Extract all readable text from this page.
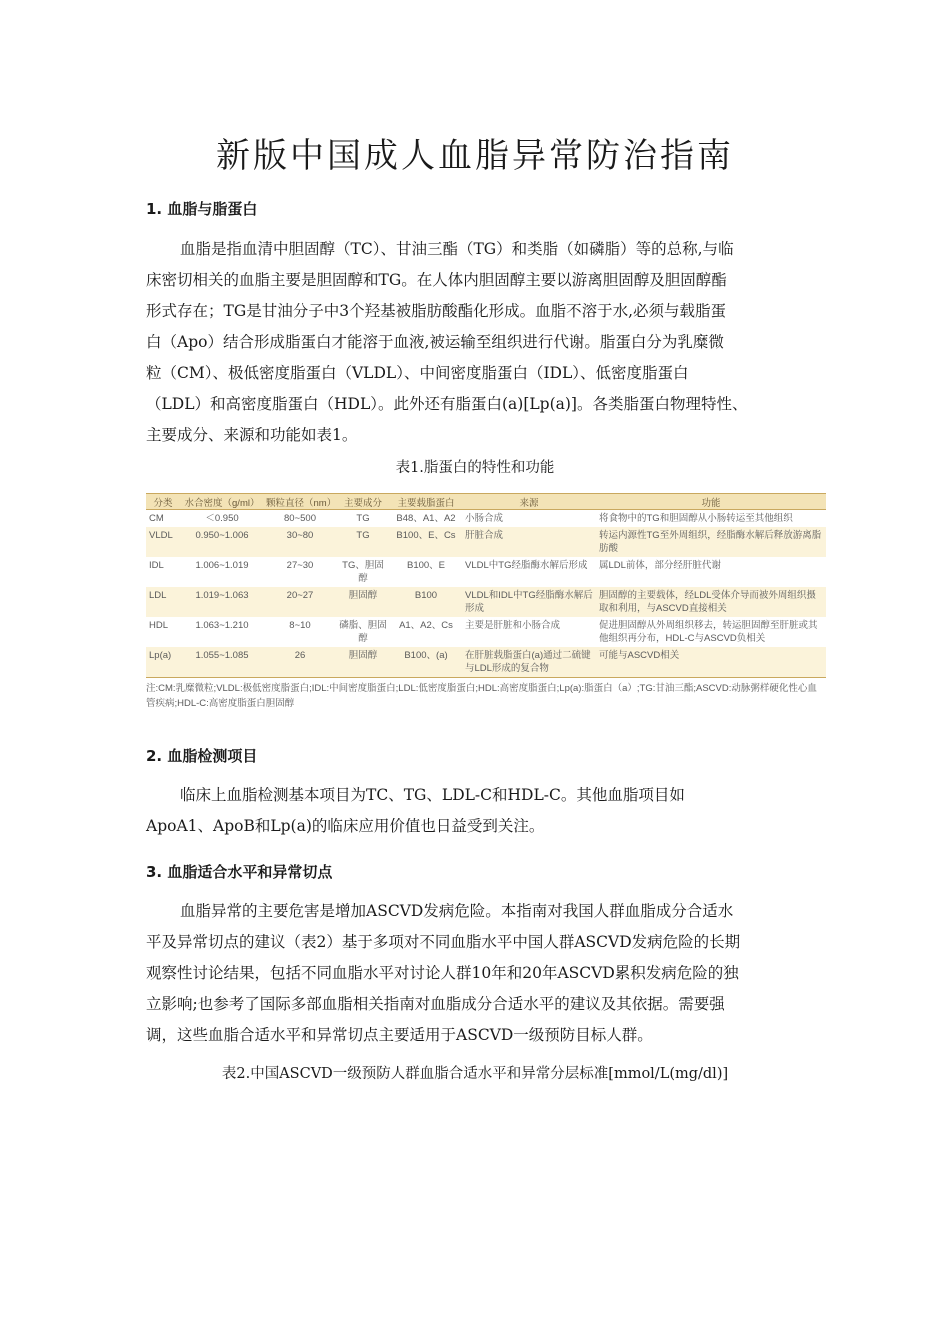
新版中国成人血脂异常防治指南
1. 血脂与脂蛋白
血脂是指血清中胆固醇（TC）、甘油三酯（TG）和类脂（如磷脂）等的总称,与临
床密切相关的血脂主要是胆固醇和TG。在人体内胆固醇主要以游离胆固醇及胆固醇酯
形式存在；TG是甘油分子中3个羟基被脂肪酸酯化形成。血脂不溶于水,必须与载脂蛋
白（Apo）结合形成脂蛋白才能溶于血液,被运输至组织进行代谢。脂蛋白分为乳糜微
粒（CM）、极低密度脂蛋白（VLDL）、中间密度脂蛋白（IDL）、低密度脂蛋白
（LDL）和高密度脂蛋白（HDL）。此外还有脂蛋白(a)[Lp(a)]。各类脂蛋白物理特性、
主要成分、来源和功能如表1。

表1.脂蛋白的特性和功能

分类	水合密度（g/ml）	颗粒直径（nm）	主要成分	主要载脂蛋白	来源	功能
CM	＜0.950	80~500	TG	B48、A1、A2	小肠合成	将食物中的TG和胆固醇从小肠转运至其他组织
VLDL	0.950~1.006	30~80	TG	B100、E、Cs	肝脏合成	转运内源性TG至外周组织，经脂酶水解后释放游离脂肪酸
IDL	1.006~1.019	27~30	TG、胆固醇	B100、E	VLDL中TG经脂酶水解后形成	属LDL前体，部分经肝脏代谢
LDL	1.019~1.063	20~27	胆固醇	B100	VLDL和IDL中TG经脂酶水解后形成	胆固醇的主要载体，经LDL受体介导而被外周组织摄取和利用，与ASCVD直接相关
HDL	1.063~1.210	8~10	磷脂、胆固醇	A1、A2、Cs	主要是肝脏和小肠合成	促进胆固醇从外周组织移去，转运胆固醇至肝脏或其他组织再分布，HDL-C与ASCVD负相关
Lp(a)	1.055~1.085	26	胆固醇	B100、(a)	在肝脏载脂蛋白(a)通过二硫键与LDL形成的复合物	可能与ASCVD相关
注:CM:乳糜微粒;VLDL:极低密度脂蛋白;IDL:中间密度脂蛋白;LDL:低密度脂蛋白;HDL:高密度脂蛋白;Lp(a):脂蛋白（a）;TG:甘油三酯;ASCVD:动脉粥样硬化性心血管疾病;HDL-C:高密度脂蛋白胆固醇
2. 血脂检测项目
临床上血脂检测基本项目为TC、TG、LDL-C和HDL-C。其他血脂项目如
ApoA1、ApoB和Lp(a)的临床应用价值也日益受到关注。
3. 血脂适合水平和异常切点
血脂异常的主要危害是增加ASCVD发病危险。本指南对我国人群血脂成分合适水
平及异常切点的建议（表2）基于多项对不同血脂水平中国人群ASCVD发病危险的长期
观察性讨论结果，包括不同血脂水平对讨论人群10年和20年ASCVD累积发病危险的独
立影响;也参考了国际多部血脂相关指南对血脂成分合适水平的建议及其依据。需要强
调，这些血脂合适水平和异常切点主要适用于ASCVD一级预防目标人群。

表2.中国ASCVD一级预防人群血脂合适水平和异常分层标准[mmol/L(mg/dl)]
